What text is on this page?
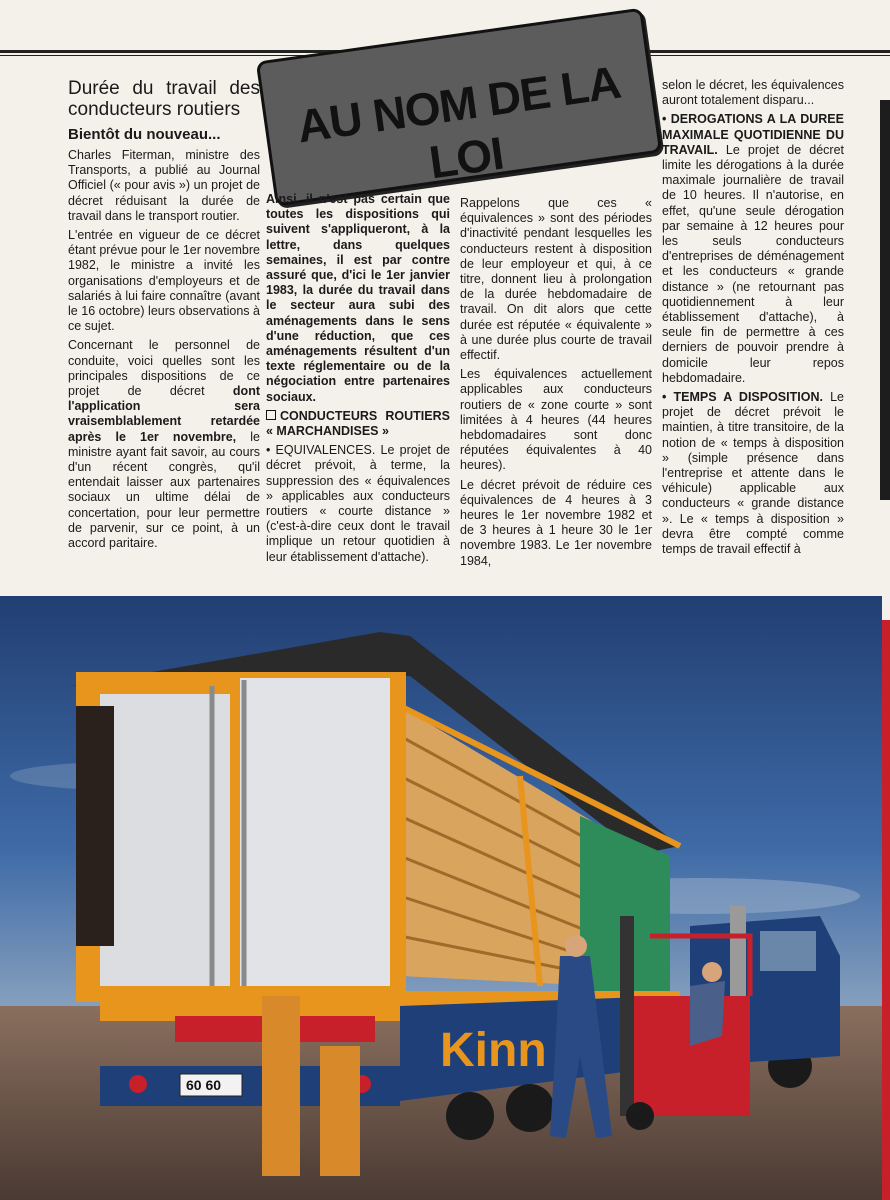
AU NOM DE LA LOI
Durée du travail des conducteurs routiers
Bientôt du nouveau...

Charles Fiterman, ministre des Transports, a publié au Journal Officiel (« pour avis ») un projet de décret réduisant la durée de travail dans le transport routier.

L'entrée en vigueur de ce décret étant prévue pour le 1er novembre 1982, le ministre a invité les organisations d'employeurs et de salariés à lui faire connaître (avant le 16 octobre) leurs observations à ce sujet.

Concernant le personnel de conduite, voici quelles sont les principales dispositions de ce projet de décret dont l'application sera vraisemblablement retardée après le 1er novembre, le ministre ayant fait savoir, au cours d'un récent congrès, qu'il entendait laisser aux partenaires sociaux un ultime délai de concertation, pour leur permettre de parvenir, sur ce point, à un accord paritaire.

Ainsi, il n'est pas certain que toutes les dispositions qui suivent s'appliqueront, à la lettre, dans quelques semaines, il est par contre assuré que, d'ici le 1er janvier 1983, la durée du travail dans le secteur aura subi des aménagements dans le sens d'une réduction, que ces aménagements résultent d'un texte réglementaire ou de la négociation entre partenaires sociaux.

CONDUCTEURS ROUTIERS « MARCHANDISES »

• EQUIVALENCES. Le projet de décret prévoit, à terme, la suppression des « équivalences » applicables aux conducteurs routiers « courte distance » (c'est-à-dire ceux dont le travail implique un retour quotidien à leur établissement d'attache).

Rappelons que ces « équivalences » sont des périodes d'inactivité pendant lesquelles les conducteurs restent à disposition de leur employeur et qui, à ce titre, donnent lieu à prolongation de la durée hebdomadaire de travail. On dit alors que cette durée est réputée « équivalente » à une durée plus courte de travail effectif.

Les équivalences actuellement applicables aux conducteurs routiers de « zone courte » sont limitées à 4 heures (44 heures hebdomadaires sont donc réputées équivalentes à 40 heures).

Le décret prévoit de réduire ces équivalences de 4 heures à 3 heures le 1er novembre 1982 et de 3 heures à 1 heure 30 le 1er novembre 1983. Le 1er novembre 1984,

selon le décret, les équivalences auront totalement disparu...

• DEROGATIONS A LA DUREE MAXIMALE QUOTIDIENNE DU TRAVAIL. Le projet de décret limite les dérogations à la durée maximale journalière de travail de 10 heures. Il n'autorise, en effet, qu'une seule dérogation par semaine à 12 heures pour les seuls conducteurs d'entreprises de déménagement et les conducteurs « grande distance » (ne retournant pas quotidiennement à leur établissement d'attache), à seule fin de permettre à ces derniers de pouvoir prendre à domicile leur repos hebdomadaire.

• TEMPS A DISPOSITION. Le projet de décret prévoit le maintien, à titre transitoire, de la notion de « temps à disposition » (simple présence dans l'entreprise et attente dans le véhicule) applicable aux conducteurs « grande distance ». Le « temps à disposition » devra être compté comme temps de travail effectif à

Kinn
60 60
